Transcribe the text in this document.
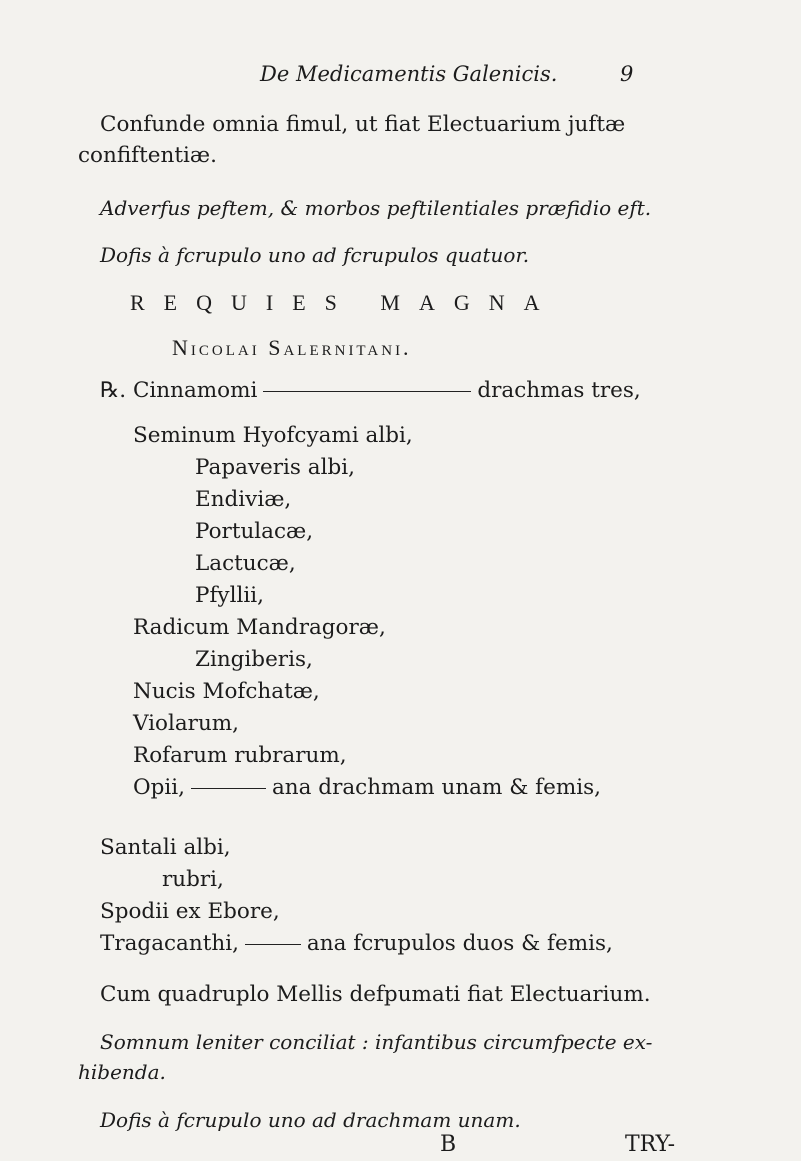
De Medicamentis Galenicis.	9
Confunde omnia fimul, ut fiat Electuarium juftæ
confiftentiæ.
Adverfus peftem, & morbos peftilentiales præfidio eft.
Dofis à fcrupulo uno ad fcrupulos quatuor.
REQUIES MAGNA
Nicolai Salernitani.
℞. Cinnamomi	drachmas tres,
Seminum Hyofcyami albi,
Papaveris albi,
Endiviæ,
Portulacæ,
Lactucæ,
Pfyllii,
Radicum Mandragoræ,
Zingiberis,
Nucis Mofchatæ,
Violarum,
Rofarum rubrarum,
Opii,	ana drachmam unam & femis,
Santali albi,
rubri,
Spodii ex Ebore,
Tragacanthi,	ana fcrupulos duos & femis,
Cum quadruplo Mellis defpumati fiat Electuarium.
Somnum leniter conciliat : infantibus circumfpecte ex-
hibenda.
Dofis à fcrupulo uno ad drachmam unam.
B	TRY-
